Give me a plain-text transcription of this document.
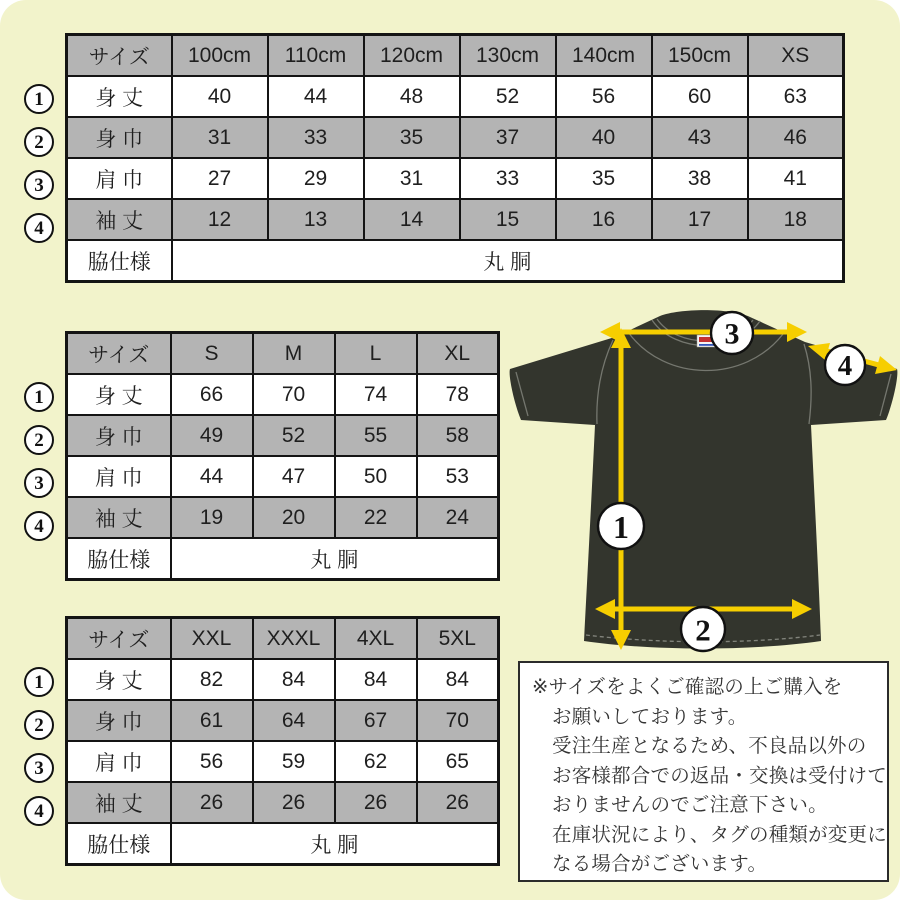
1
2
3
4
サイズ	100cm	110cm	120cm	130cm	140cm	150cm	XS
身 丈	40	44	48	52	56	60	63
身 巾	31	33	35	37	40	43	46
肩 巾	27	29	31	33	35	38	41
袖 丈	12	13	14	15	16	17	18
脇仕様	丸 胴						
1
2
3
4
サイズ	S	M	L	XL
身 丈	66	70	74	78
身 巾	49	52	55	58
肩 巾	44	47	50	53
袖 丈	19	20	22	24
脇仕様	丸 胴			
1
2
3
4
サイズ	XXL	XXXL	4XL	5XL
身 丈	82	84	84	84
身 巾	61	64	67	70
肩 巾	56	59	62	65
袖 丈	26	26	26	26
脇仕様	丸 胴			
1
2
3
4
※サイズをよくご確認の上ご購入を
お願いしております。
受注生産となるため、不良品以外の
お客様都合での返品・交換は受付けて
おりませんのでご注意下さい。
在庫状況により、タグの種類が変更に
なる場合がございます。
